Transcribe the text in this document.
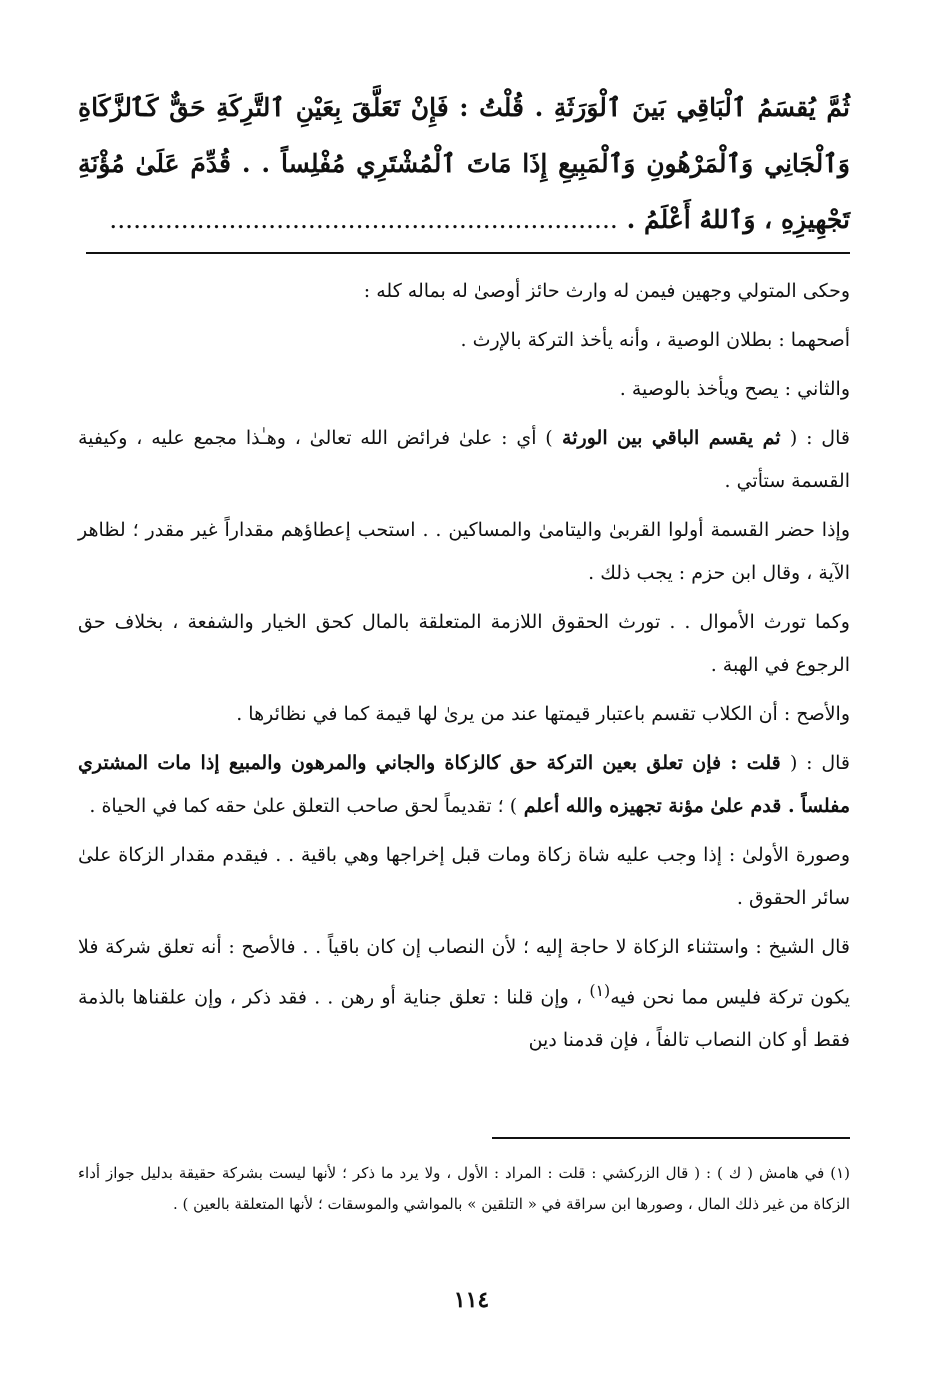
ثُمَّ يُقسَمُ ٱلْبَاقِي بَينَ ٱلْوَرَثَةِ . قُلْتُ : فَإِنْ تَعَلَّقَ بِعَيْنِ ٱلتَّرِكَةِ حَقٌّ كَٱلزَّكَاةِ وَٱلْجَانِي وَٱلْمَرْهُونِ وَٱلْمَبِيعِ إِذَا مَاتَ ٱلْمُشْتَرِي مُفْلِساً . . قُدِّمَ عَلَىٰ مُؤْنَةِ تَجْهِيزِهِ ، وَٱللهُ أَعْلَمُ . ................................................................

وحكى المتولي وجهين فيمن له وارث حائز أوصىٰ له بماله كله :

أصحهما : بطلان الوصية ، وأنه يأخذ التركة بالإرث .

والثاني : يصح ويأخذ بالوصية .

قال : ( ثم يقسم الباقي بين الورثة ) أي : علىٰ فرائض الله تعالىٰ ، وهـٰذا مجمع عليه ، وكيفية القسمة ستأتي .

وإذا حضر القسمة أولوا القربىٰ واليتامىٰ والمساكين . . استحب إعطاؤهم مقداراً غير مقدر ؛ لظاهر الآية ، وقال ابن حزم : يجب ذلك .

وكما تورث الأموال . . تورث الحقوق اللازمة المتعلقة بالمال كحق الخيار والشفعة ، بخلاف حق الرجوع في الهبة .

والأصح : أن الكلاب تقسم باعتبار قيمتها عند من يرىٰ لها قيمة كما في نظائرها .

قال : ( قلت : فإن تعلق بعين التركة حق كالزكاة والجاني والمرهون والمبيع إذا مات المشتري مفلساً . قدم علىٰ مؤنة تجهيزه والله أعلم ) ؛ تقديماً لحق صاحب التعلق علىٰ حقه كما في الحياة .

وصورة الأولىٰ : إذا وجب عليه شاة زكاة ومات قبل إخراجها وهي باقية . . فيقدم مقدار الزكاة علىٰ سائر الحقوق .

قال الشيخ : واستثناء الزكاة لا حاجة إليه ؛ لأن النصاب إن كان باقياً . . فالأصح : أنه تعلق شركة فلا يكون تركة فليس مما نحن فيه$^{(١)}$ ، وإن قلنا : تعلق جناية أو رهن . . فقد ذكر ، وإن علقناها بالذمة فقط أو كان النصاب تالفاً ، فإن قدمنا دين

(١) في هامش ( ك ) : ( قال الزركشي : قلت : المراد : الأول ، ولا يرد ما ذكر ؛ لأنها ليست بشركة حقيقة بدليل جواز أداء الزكاة من غير ذلك المال ، وصورها ابن سراقة في « التلقين » بالمواشي والموسقات ؛ لأنها المتعلقة بالعين ) .
١١٤
